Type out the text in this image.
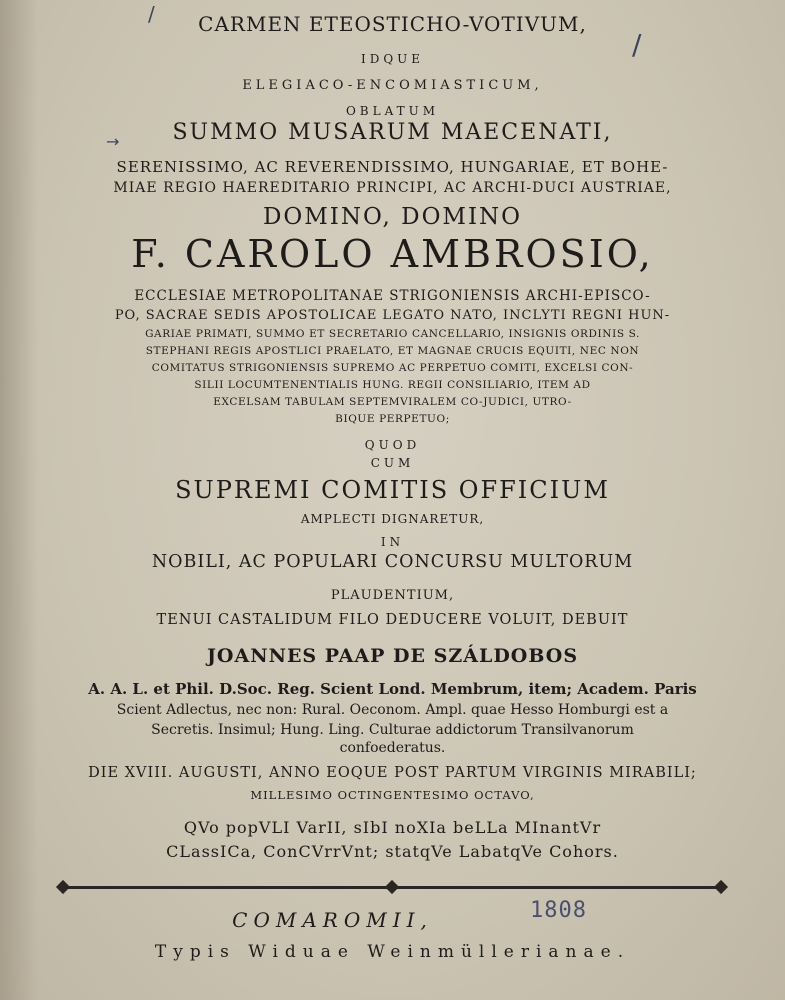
CARMEN ETEOSTICHO-VOTIVUM,
IDQUE
ELEGIACO-ENCOMIASTICUM,
OBLATUM
SUMMO MUSARUM MAECENATI,
SERENISSIMO, AC REVERENDISSIMO, HUNGARIAE, ET BOHE-
MIAE REGIO HAEREDITARIO PRINCIPI, AC ARCHI-DUCI AUSTRIAE,
DOMINO, DOMINO
F. CAROLO AMBROSIO,
ECCLESIAE METROPOLITANAE STRIGONIENSIS ARCHI-EPISCO-
PO, SACRAE SEDIS APOSTOLICAE LEGATO NATO, INCLYTI REGNI HUN-
GARIAE PRIMATI, SUMMO ET SECRETARIO CANCELLARIO, INSIGNIS ORDINIS S.
STEPHANI REGIS APOSTLICI PRAELATO, ET MAGNAE CRUCIS EQUITI, NEC NON
COMITATUS STRIGONIENSIS SUPREMO AC PERPETUO COMITI, EXCELSI CON-
SILII LOCUMTENENTIALIS HUNG. REGII CONSILIARIO, ITEM AD
EXCELSAM TABULAM SEPTEMVIRALEM CO-JUDICI, UTRO-
BIQUE PERPETUO;
QUOD
CUM
SUPREMI COMITIS OFFICIUM
AMPLECTI DIGNARETUR,
IN
NOBILI, AC POPULARI CONCURSU MULTORUM
PLAUDENTIUM,
TENUI CASTALIDUM FILO DEDUCERE VOLUIT, DEBUIT
JOANNES PAAP DE SZÁLDOBOS
A. A. L. et Phil. D.Soc. Reg. Scient Lond. Membrum, item; Academ. Paris
Scient Adlectus, nec non: Rural. Oeconom. Ampl. quae Hesso Homburgi est a
Secretis. Insimul; Hung. Ling. Culturae addictorum Transilvanorum
confoederatus.
DIE XVIII. AUGUSTI, ANNO EOQUE POST PARTUM VIRGINIS MIRABILI;
MILLESIMO OCTINGENTESIMO OCTAVO,
QVo popVLI VarII, sIbI noXIa beLLa MInantVr
CLassICa, ConCVrrVnt; statqVe LabatqVe Cohors.
COMAROMII,	1808
Typis Widuae Weinmüllerianae.
/
/
→
